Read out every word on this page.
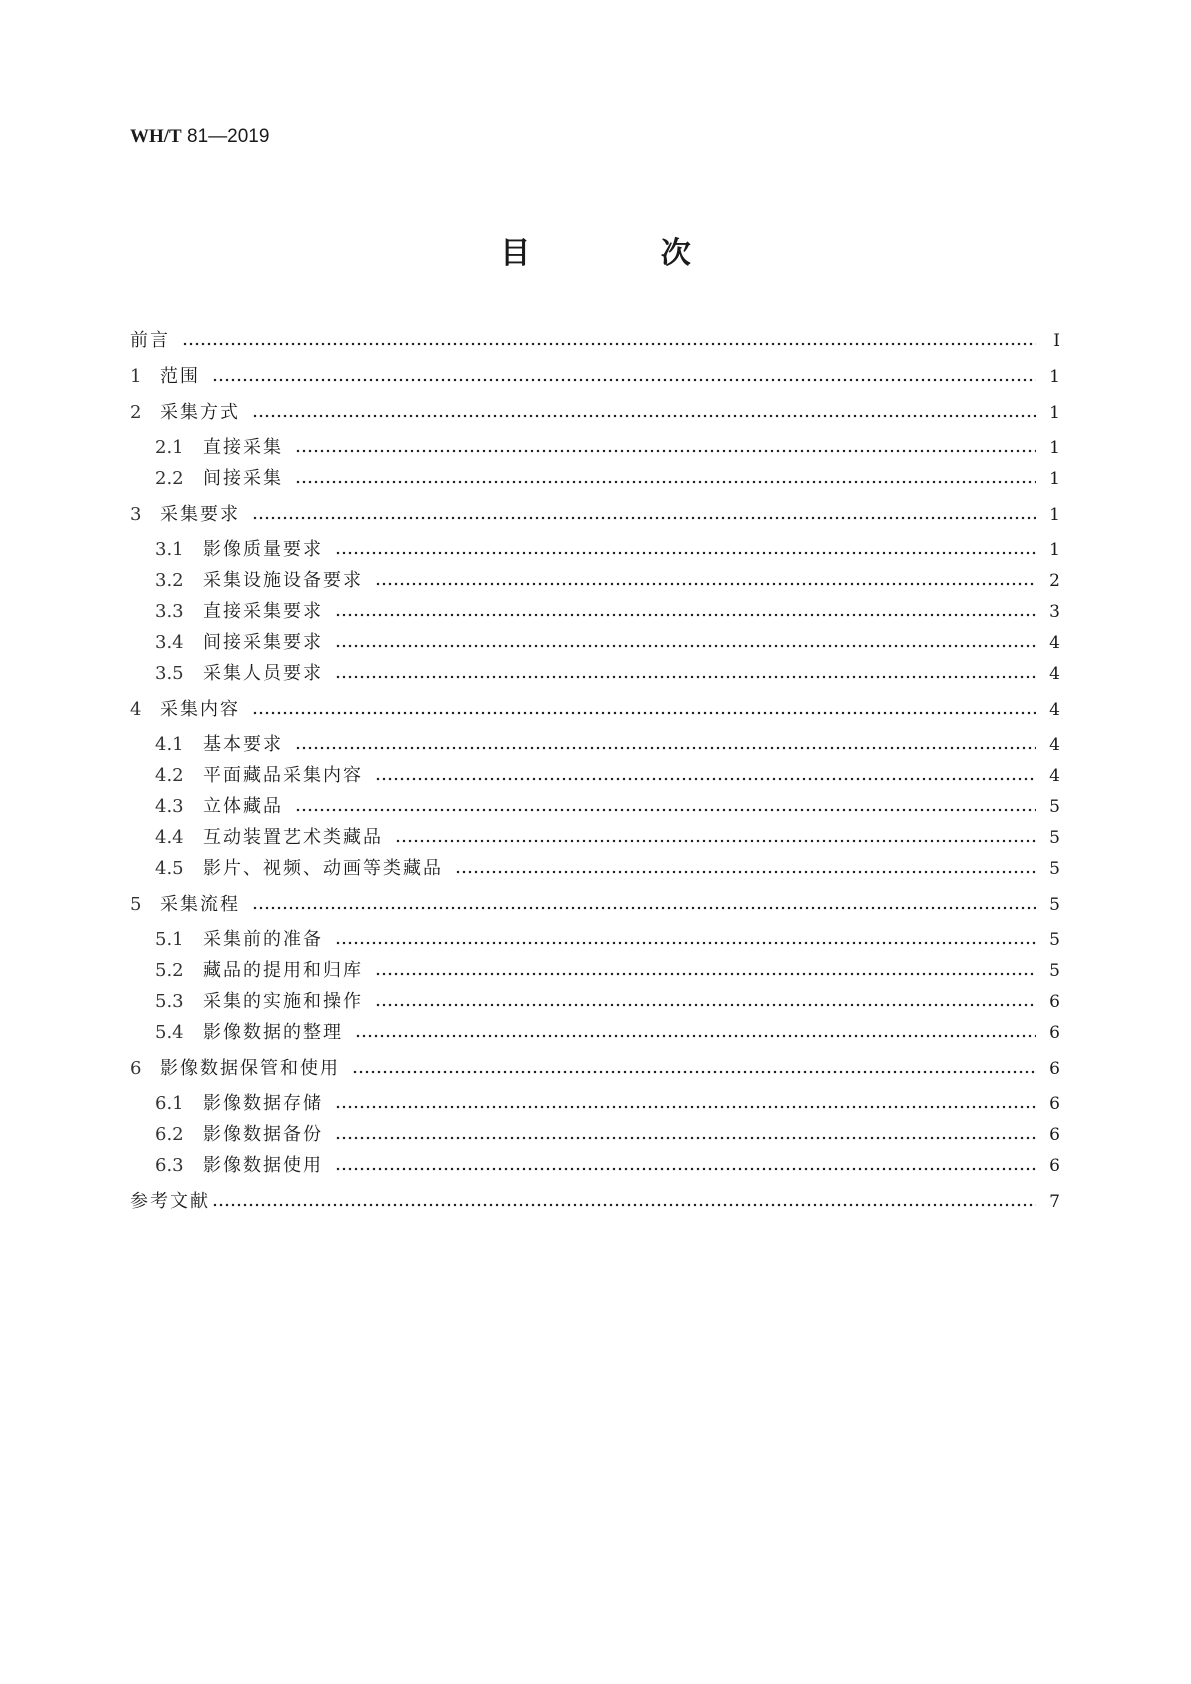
WH/T 81—2019
目 次
前言	Ⅰ
1	范围	1
2	采集方式	1
2.1	直接采集	1
2.2	间接采集	1
3	采集要求	1
3.1	影像质量要求	1
3.2	采集设施设备要求	2
3.3	直接采集要求	3
3.4	间接采集要求	4
3.5	采集人员要求	4
4	采集内容	4
4.1	基本要求	4
4.2	平面藏品采集内容	4
4.3	立体藏品	5
4.4	互动装置艺术类藏品	5
4.5	影片、视频、动画等类藏品	5
5	采集流程	5
5.1	采集前的准备	5
5.2	藏品的提用和归库	5
5.3	采集的实施和操作	6
5.4	影像数据的整理	6
6	影像数据保管和使用	6
6.1	影像数据存储	6
6.2	影像数据备份	6
6.3	影像数据使用	6
参考文献	7
